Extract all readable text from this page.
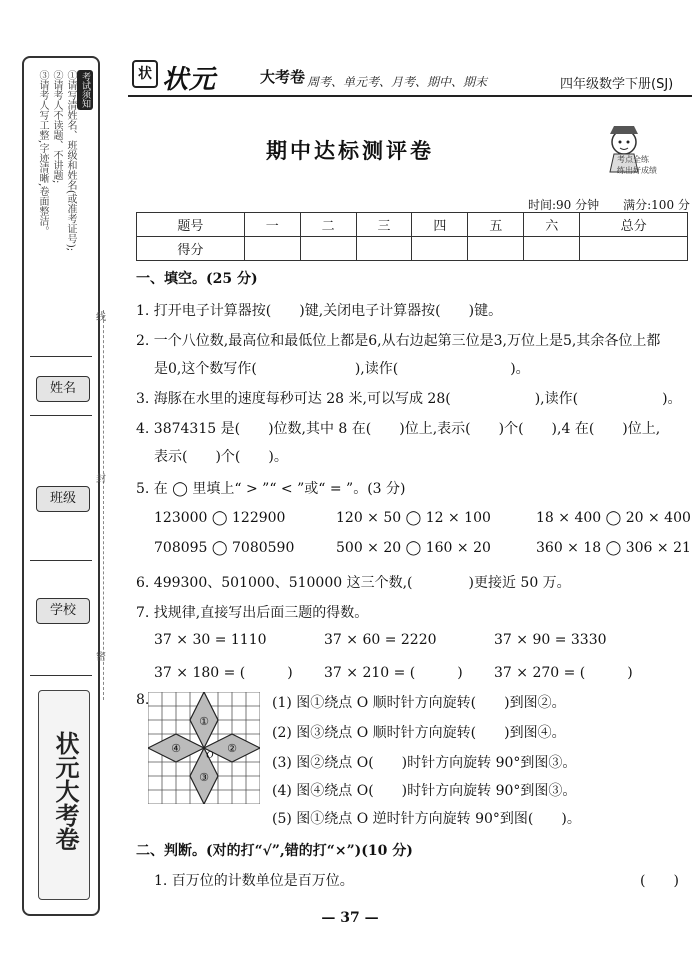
考试须知
①请写清姓名、班级和姓名(或准考证号);
②请考人不读题、不讲题;
③请考人写工整,字迹清晰,卷面整洁。
姓名
班级
学校
状元大考卷
线
封
密
状 状元	大考卷 周考、单元考、月考、期中、期末	四年级数学下册(SJ)
期中达标测评卷	考点全练
练出好成绩
时间:90 分钟　　满分:100 分
题号	一	二	三	四	五	六	总分
得分							
一、填空。(25 分)
1. 打开电子计算器按(　　)键,关闭电子计算器按(　　)键。
2. 一个八位数,最高位和最低位上都是6,从右边起第三位是3,万位上是5,其余各位上都
是0,这个数写作(　　　　　　　),读作(　　　　　　　　)。
3. 海豚在水里的速度每秒可达 28 米,可以写成 28(　　　　　　),读作(　　　　　　)。
4. 3874315 是(　　)位数,其中 8 在(　　)位上,表示(　　)个(　　),4 在(　　)位上,
表示(　　)个(　　)。
5. 在 ◯ 里填上“ > ”“ < ”或“ = ”。(3 分)
123000 ◯ 122900	120 × 50 ◯ 12 × 100	18 × 400 ◯ 20 × 400
708095 ◯ 7080590	500 × 20 ◯ 160 × 20	360 × 18 ◯ 306 × 21
6. 499300、501000、510000 这三个数,(　　　　)更接近 50 万。
7. 找规律,直接写出后面三题的得数。
37 × 30 = 1110	37 × 60 = 2220	37 × 90 = 3330
37 × 180 = (　　　) 37 × 210 = (　　　) 37 × 270 = (　　　)
8.
①
②
③
④
O
(1) 图①绕点 O 顺时针方向旋转(　　)到图②。
(2) 图③绕点 O 顺时针方向旋转(　　)到图④。
(3) 图②绕点 O(　　)时针方向旋转 90°到图③。
(4) 图④绕点 O(　　)时针方向旋转 90°到图③。
(5) 图①绕点 O 逆时针方向旋转 90°到图(　　)。
二、判断。(对的打“√”,错的打“×”)(10 分)
1. 百万位的计数单位是百万位。	(　　)
— 37 —
